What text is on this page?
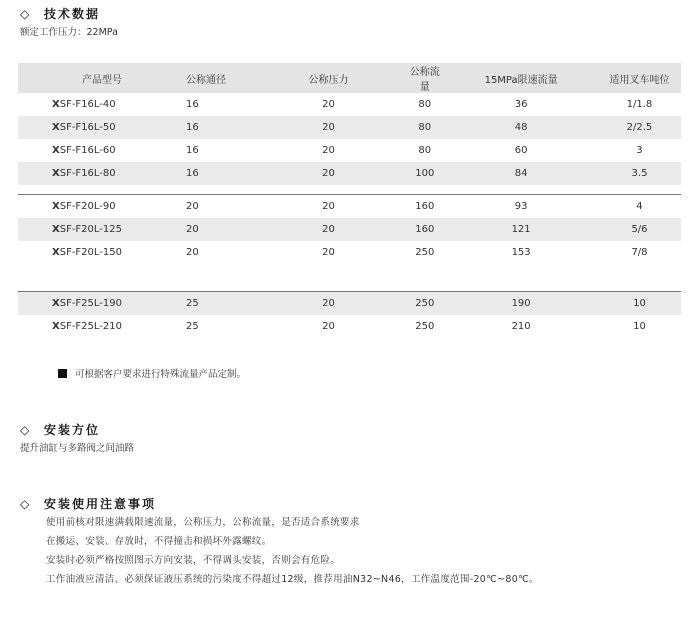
◇ 技术数据
额定工作压力：22MPa
产品型号	公称通径	公称压力	公称流量	15MPa限速流量	适用叉车吨位
XSF-F16L-40	16	20	80	36	1/1.8
XSF-F16L-50	16	20	80	48	2/2.5
XSF-F16L-60	16	20	80	60	3
XSF-F16L-80	16	20	100	84	3.5
XSF-F20L-90	20	20	160	93	4
XSF-F20L-125	20	20	160	121	5/6
XSF-F20L-150	20	20	250	153	7/8
XSF-F25L-190	25	20	250	190	10
XSF-F25L-210	25	20	250	210	10
可根据客户要求进行特殊流量产品定制。
◇ 安装方位
提升油缸与多路阀之间油路
◇ 安装使用注意事项
使用前核对限速满载限速流量，公称压力，公称流量，是否适合系统要求
在搬运、安装、存放时，不得撞击和损坏外露螺纹。
安装时必须严格按照图示方向安装，不得调头安装，否则会有危险。
工作油液应清洁、必须保证液压系统的污染度不得超过12级，推荐用油N32~N46，工作温度范围-20℃~80℃。
